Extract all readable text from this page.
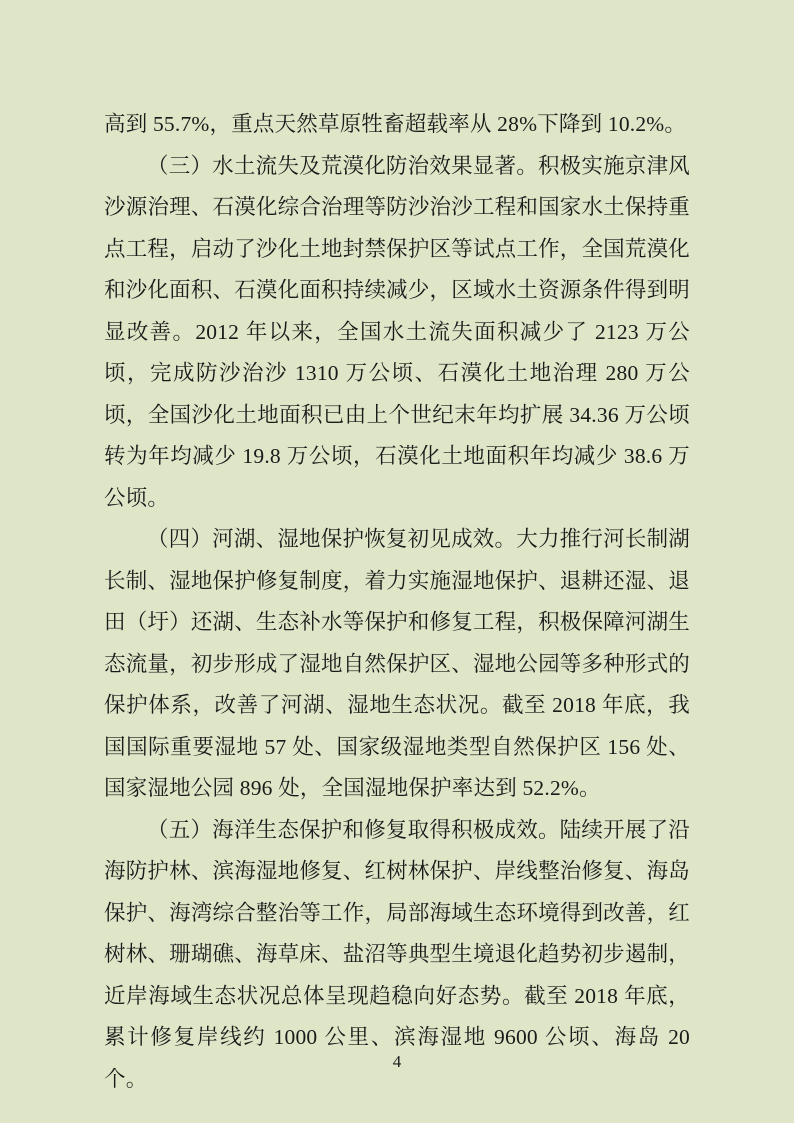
高到 55.7%，重点天然草原牲畜超载率从 28%下降到 10.2%。

（三）水土流失及荒漠化防治效果显著。积极实施京津风沙源治理、石漠化综合治理等防沙治沙工程和国家水土保持重点工程，启动了沙化土地封禁保护区等试点工作，全国荒漠化和沙化面积、石漠化面积持续减少，区域水土资源条件得到明显改善。2012 年以来，全国水土流失面积减少了 2123 万公顷，完成防沙治沙 1310 万公顷、石漠化土地治理 280 万公顷，全国沙化土地面积已由上个世纪末年均扩展 34.36 万公顷转为年均减少 19.8 万公顷，石漠化土地面积年均减少 38.6 万公顷。

（四）河湖、湿地保护恢复初见成效。大力推行河长制湖长制、湿地保护修复制度，着力实施湿地保护、退耕还湿、退田（圩）还湖、生态补水等保护和修复工程，积极保障河湖生态流量，初步形成了湿地自然保护区、湿地公园等多种形式的保护体系，改善了河湖、湿地生态状况。截至 2018 年底，我国国际重要湿地 57 处、国家级湿地类型自然保护区 156 处、国家湿地公园 896 处，全国湿地保护率达到 52.2%。

（五）海洋生态保护和修复取得积极成效。陆续开展了沿海防护林、滨海湿地修复、红树林保护、岸线整治修复、海岛保护、海湾综合整治等工作，局部海域生态环境得到改善，红树林、珊瑚礁、海草床、盐沼等典型生境退化趋势初步遏制，近岸海域生态状况总体呈现趋稳向好态势。截至 2018 年底，累计修复岸线约 1000 公里、滨海湿地 9600 公顷、海岛 20 个。

4
